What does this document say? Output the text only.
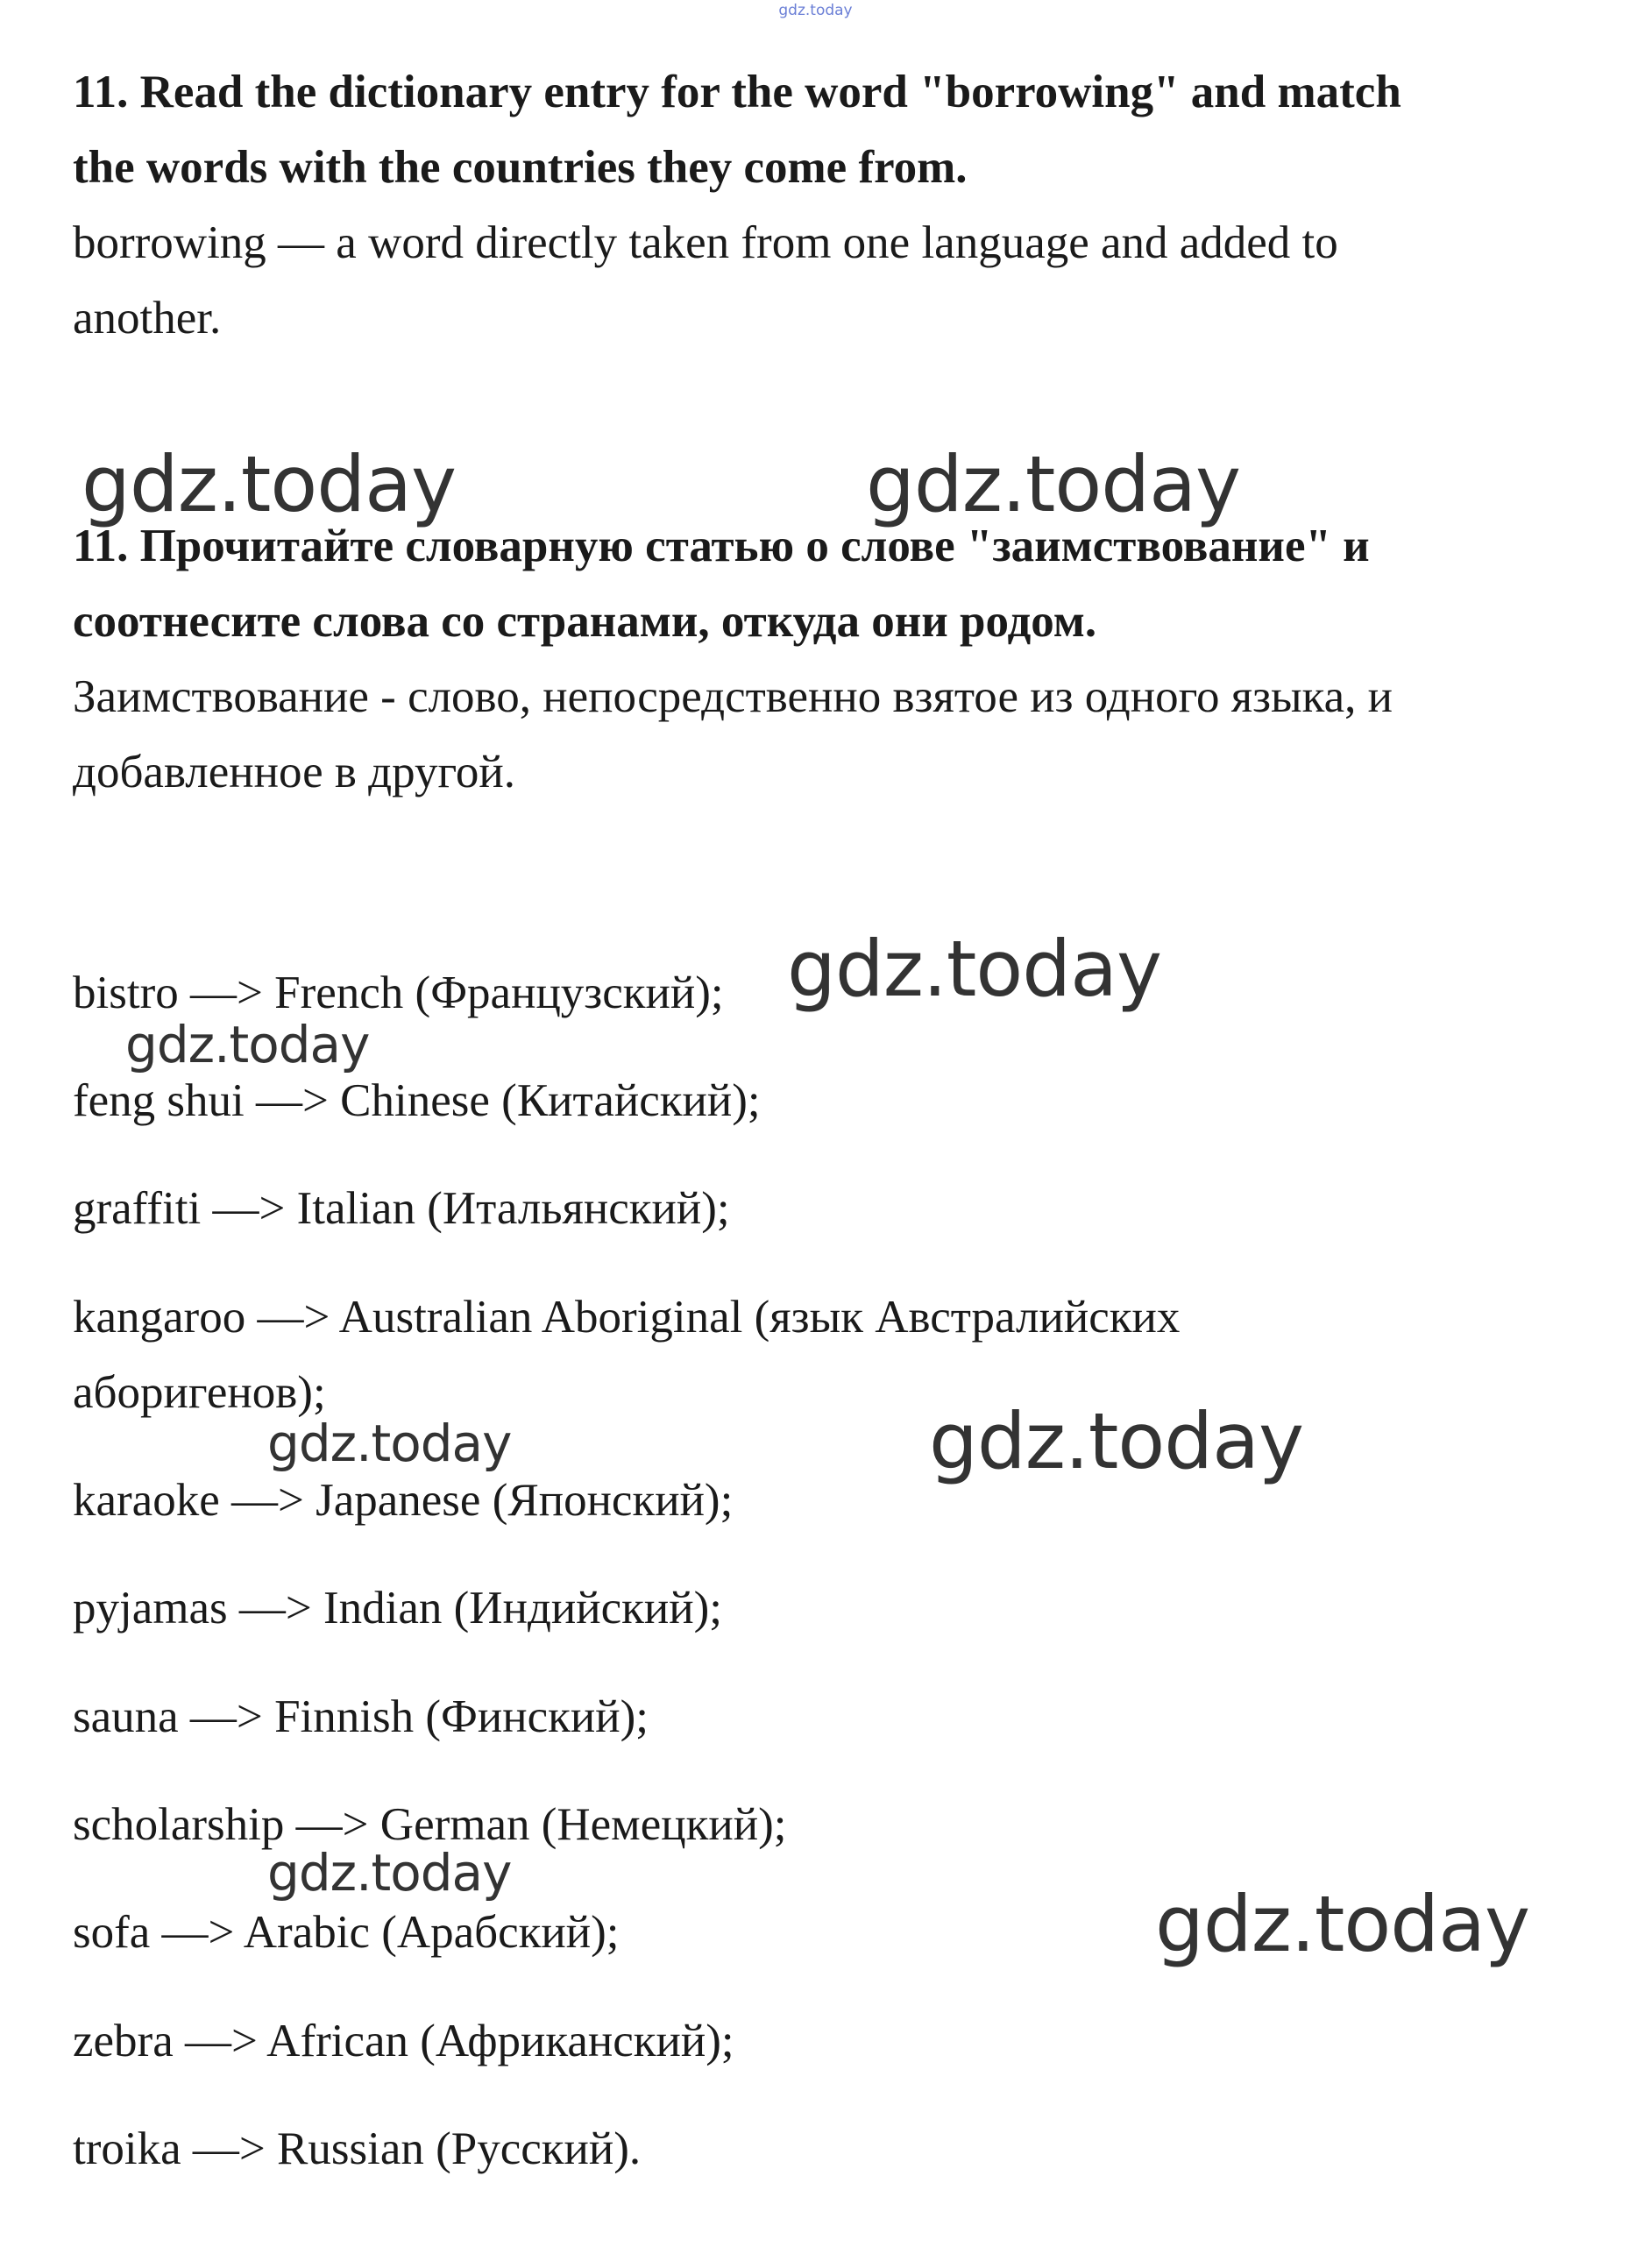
gdz.today
11. Read the dictionary entry for the word "borrowing" and match
the words with the countries they come from.
borrowing — a word directly taken from one language and added to
another.
gdz.today	gdz.today
11. Прочитайте словарную статью о слове "заимствование" и
соотнесите слова со странами, откуда они родом.
Заимствование - слово, непосредственно взятое из одного языка, и
добавленное в другой.
bistro —> French (Французский); gdz.today
gdz.today
feng shui —> Chinese (Китайский);
graffiti —> Italian (Итальянский);
kangaroo —> Australian Aboriginal (язык Австралийских
аборигенов);
gdz.today	gdz.today
karaoke —> Japanese (Японский);
pyjamas —> Indian (Индийский);
sauna —> Finnish (Финский);
scholarship —> German (Немецкий);
gdz.today
sofa —> Arabic (Арабский);	gdz.today
zebra —> African (Африканский);
troika —> Russian (Русский).
